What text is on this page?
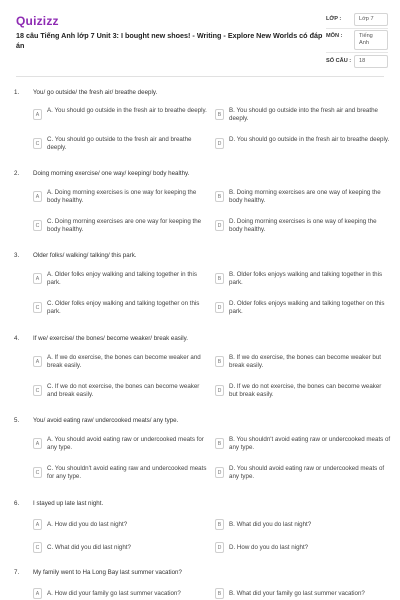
Quizizz
18 câu Tiếng Anh lớp 7 Unit 3: I bought new shoes! - Writing - Explore New Worlds có đáp án
LỚP :	Lớp 7
MÔN :	Tiếng Anh
SỐ CÂU :	18
1. You/ go outside/ the fresh air/ breathe deeply.
A
A. You should go outside in the fresh air to breathe deeply.
B
B. You should go outside into the fresh air and breathe deeply.
C
C. You should go outside to the fresh air and breathe deeply.
D
D. You should go outside in the fresh air to breathe deeply.
2. Doing morning exercise/ one way/ keeping/ body healthy.
A
A. Doing morning exercises is one way for keeping the body healthy.
B
B. Doing morning exercises are one way of keeping the body healthy.
C
C. Doing morning exercises are one way for keeping the body healthy.
D
D. Doing morning exercises is one way of keeping the body healthy.
3. Older folks/ walking/ talking/ this park.
A
A. Older folks enjoy walking and talking together in this park.
B
B. Older folks enjoys walking and talking together in this park.
C
C. Older folks enjoy walking and talking together on this park.
D
D. Older folks enjoys walking and talking together on this park.
4. If we/ exercise/ the bones/ become weaker/ break easily.
A
A. If we do exercise, the bones can become weaker and break easily.
B
B. If we do exercise, the bones can become weaker but break easily.
C
C. If we do not exercise, the bones can become weaker and break easily.
D
D. If we do not exercise, the bones can become weaker but break easily.
5. You/ avoid eating raw/ undercooked meats/ any type.
A
A. You should avoid eating raw or undercooked meats for any type.
B
B. You shouldn't avoid eating raw or undercooked meats of any type.
C
C. You shouldn't avoid eating raw and undercooked meats for any type.
D
D. You should avoid eating raw or undercooked meats of any type.
6. I stayed up late last night.
A	A. How did you do last night?	B	B. What did you do last night?
C	C. What did you did last night?	D	D. How do you do last night?
7. My family went to Ha Long Bay last summer vacation?
A	A. How did your family go last summer vacation?	B	B. What did your family go last summer vacation?
